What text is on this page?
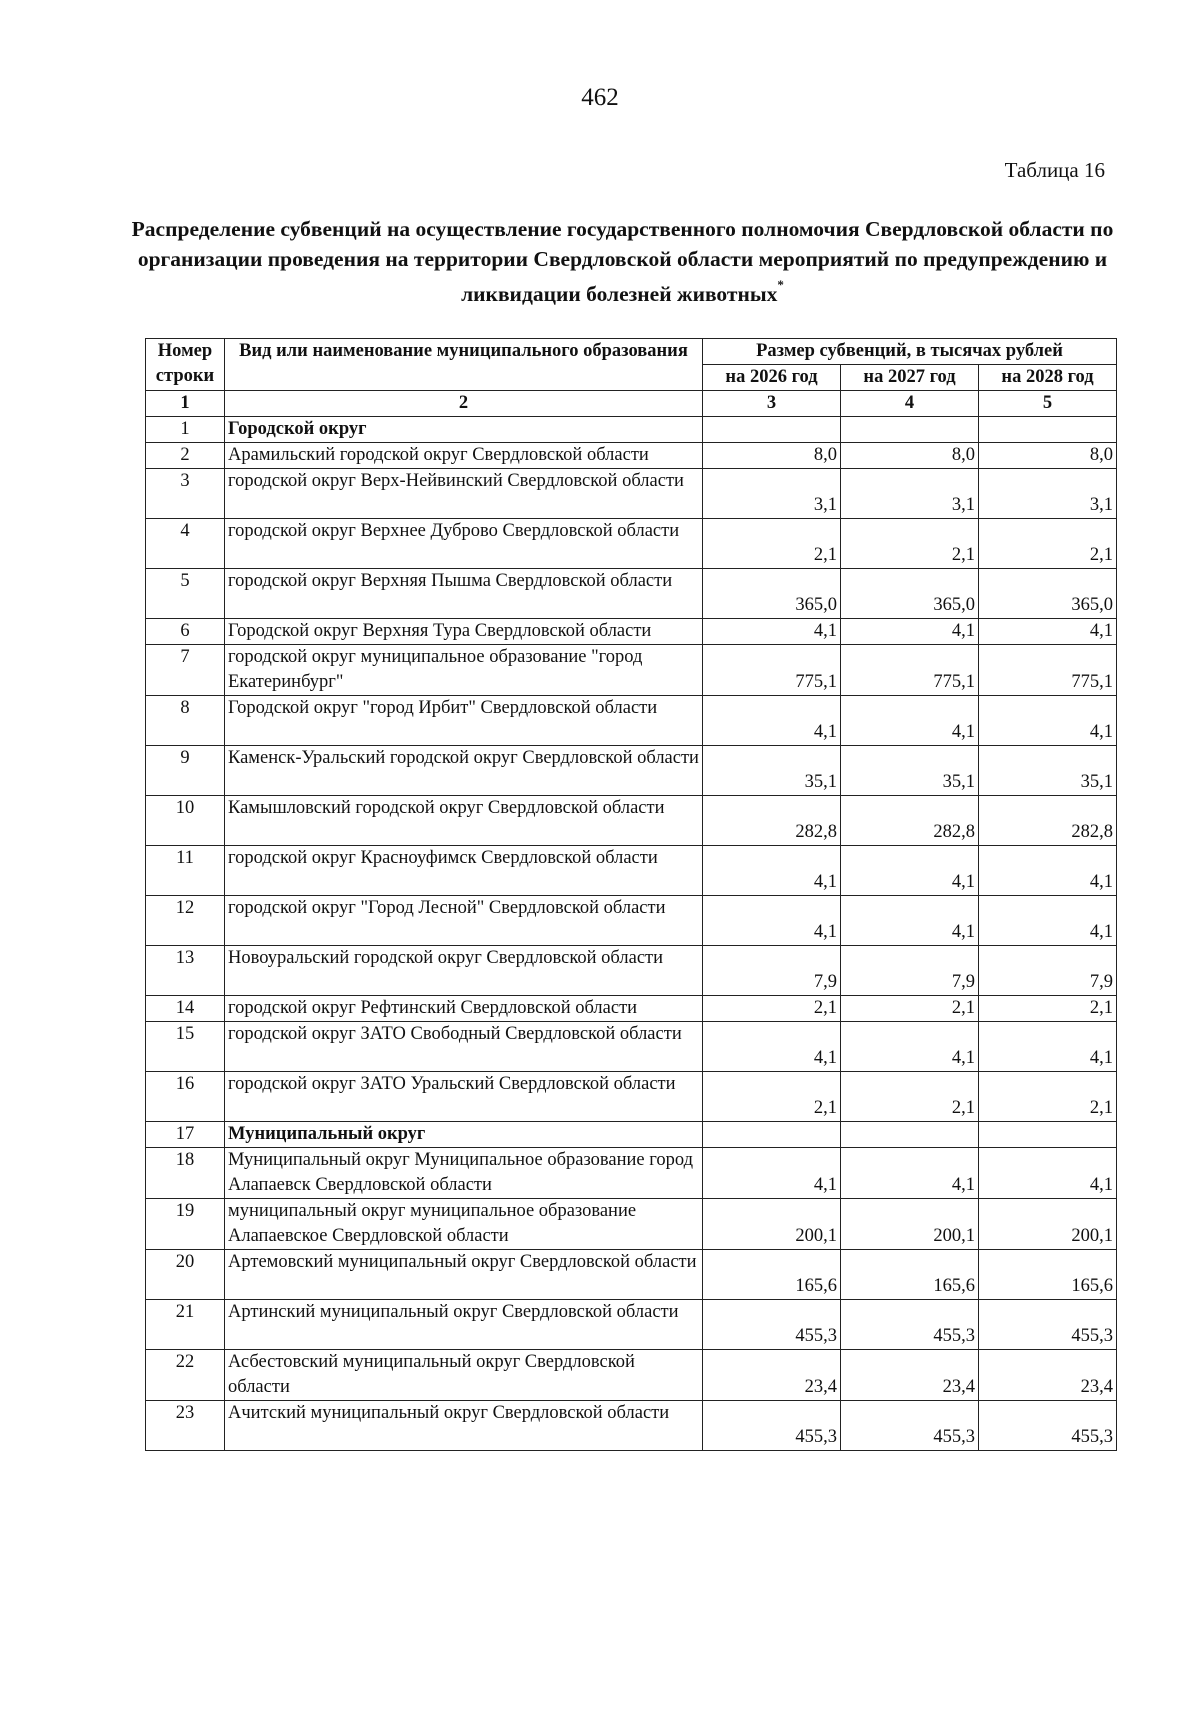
462
Таблица 16
Распределение субвенций на осуществление государственного полномочия Свердловской области по организации проведения на территории Свердловской области мероприятий по предупреждению и ликвидации болезней животных*
Номер строки	Вид или наименование муниципального образования	Размер субвенций, в тысячах рублей		
		на 2026 год	на 2027 год	на 2028 год
1	2	3	4	5
1	Городской округ			
2	Арамильский городской округ Свердловской области	8,0	8,0	8,0
3	городской округ Верх-Нейвинский Свердловской области	3,1	3,1	3,1
4	городской округ Верхнее Дуброво Свердловской области	2,1	2,1	2,1
5	городской округ Верхняя Пышма Свердловской области	365,0	365,0	365,0
6	Городской округ Верхняя Тура Свердловской области	4,1	4,1	4,1
7	городской округ муниципальное образование "город Екатеринбург"	775,1	775,1	775,1
8	Городской округ "город Ирбит" Свердловской области	4,1	4,1	4,1
9	Каменск-Уральский городской округ Свердловской области	35,1	35,1	35,1
10	Камышловский городской округ Свердловской области	282,8	282,8	282,8
11	городской округ Красноуфимск Свердловской области	4,1	4,1	4,1
12	городской округ "Город Лесной" Свердловской области	4,1	4,1	4,1
13	Новоуральский городской округ Свердловской области	7,9	7,9	7,9
14	городской округ Рефтинский Свердловской области	2,1	2,1	2,1
15	городской округ ЗАТО Свободный Свердловской области	4,1	4,1	4,1
16	городской округ ЗАТО Уральский Свердловской области	2,1	2,1	2,1
17	Муниципальный округ			
18	Муниципальный округ Муниципальное образование город Алапаевск Свердловской области	4,1	4,1	4,1
19	муниципальный округ муниципальное образование Алапаевское Свердловской области	200,1	200,1	200,1
20	Артемовский муниципальный округ Свердловской области	165,6	165,6	165,6
21	Артинский муниципальный округ Свердловской области	455,3	455,3	455,3
22	Асбестовский муниципальный округ Свердловской области	23,4	23,4	23,4
23	Ачитский муниципальный округ Свердловской области	455,3	455,3	455,3
